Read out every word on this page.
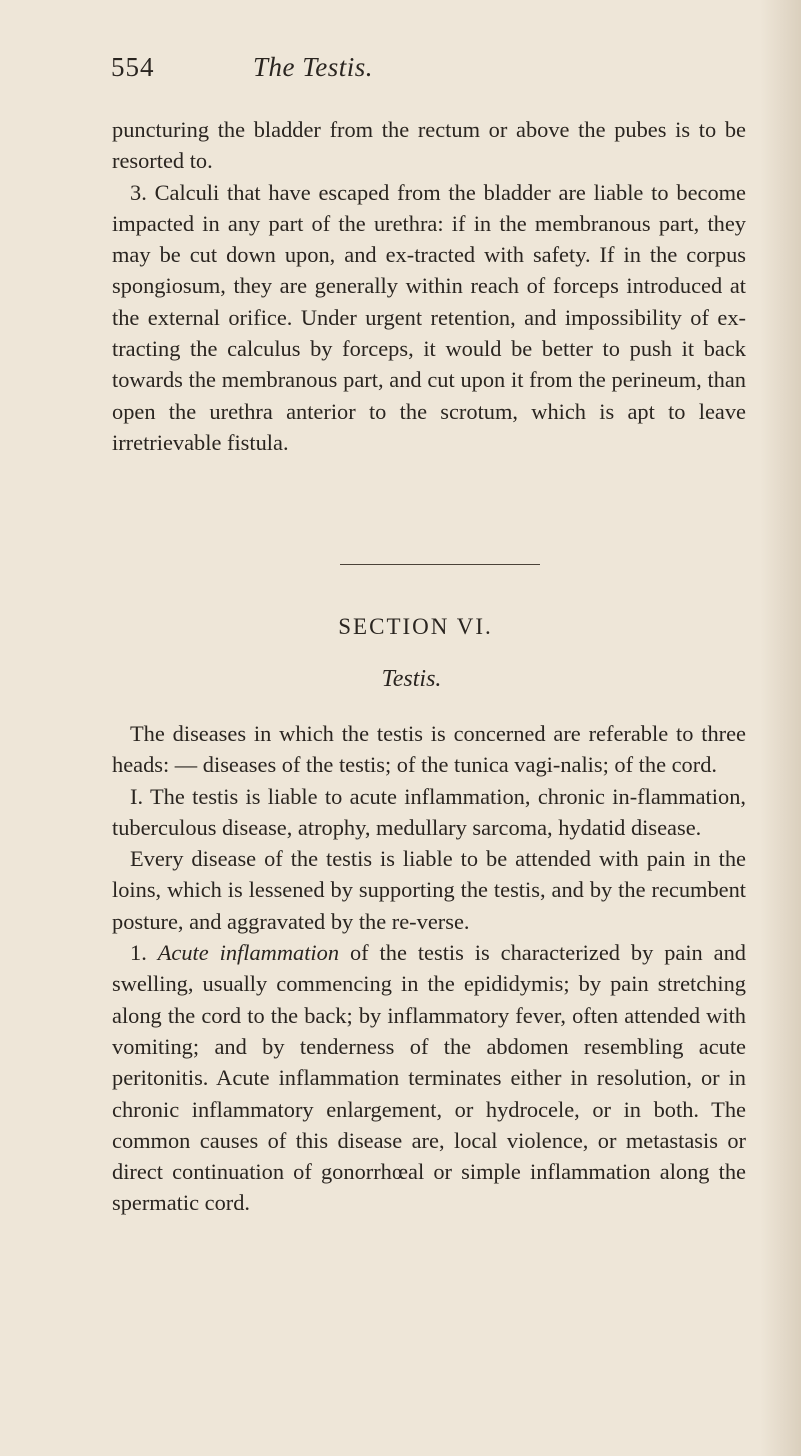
554	The Testis.

puncturing the bladder from the rectum or above the pubes is to be resorted to.

3. Calculi that have escaped from the bladder are liable to become impacted in any part of the urethra: if in the membranous part, they may be cut down upon, and ex-tracted with safety. If in the corpus spongiosum, they are generally within reach of forceps introduced at the external orifice. Under urgent retention, and impossibility of ex-tracting the calculus by forceps, it would be better to push it back towards the membranous part, and cut upon it from the perineum, than open the urethra anterior to the scrotum, which is apt to leave irretrievable fistula.

SECTION VI.
Testis.

The diseases in which the testis is concerned are referable to three heads: — diseases of the testis; of the tunica vagi-nalis; of the cord.

I. The testis is liable to acute inflammation, chronic in-flammation, tuberculous disease, atrophy, medullary sarcoma, hydatid disease.

Every disease of the testis is liable to be attended with pain in the loins, which is lessened by supporting the testis, and by the recumbent posture, and aggravated by the re-verse.

1. Acute inflammation of the testis is characterized by pain and swelling, usually commencing in the epididymis; by pain stretching along the cord to the back; by inflammatory fever, often attended with vomiting; and by tenderness of the abdomen resembling acute peritonitis. Acute inflammation terminates either in resolution, or in chronic inflammatory enlargement, or hydrocele, or in both. The common causes of this disease are, local violence, or metastasis or direct continuation of gonorrhœal or simple inflammation along the spermatic cord.
